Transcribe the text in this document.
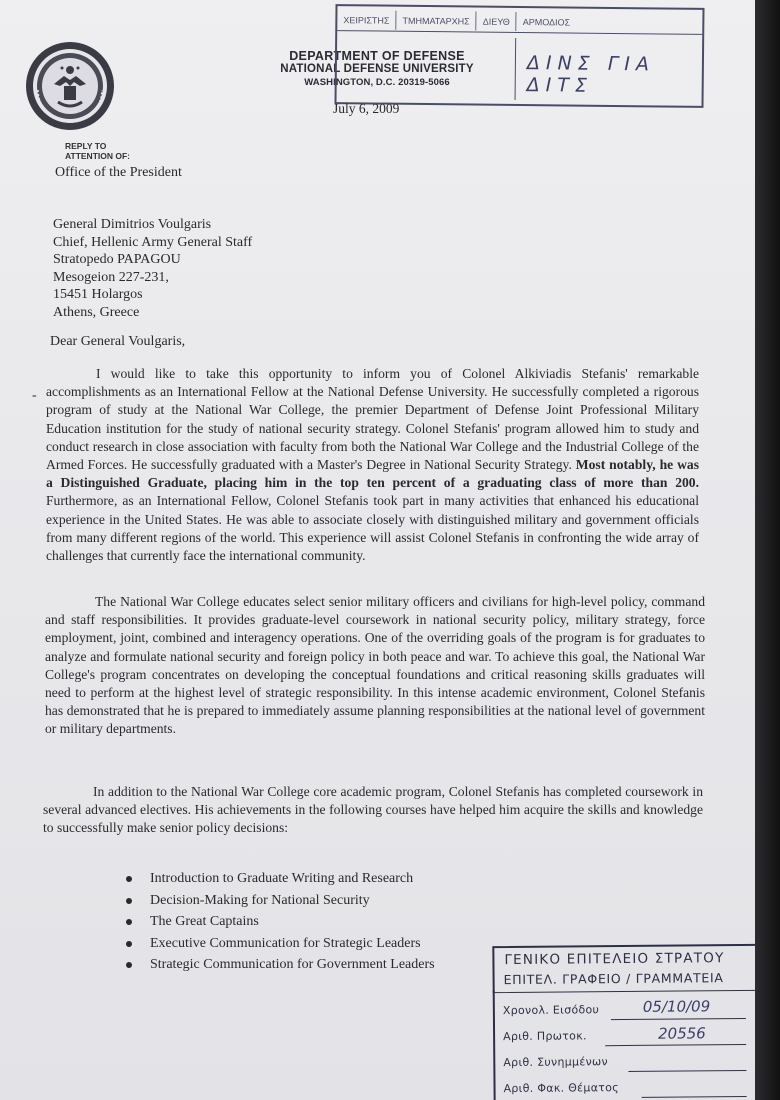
DEPARTMENT OF DEFENSE
NATIONAL DEFENSE UNIVERSITY
WASHINGTON, D.C. 20319-5066
ΧΕΙΡΙΣΤΗΣ ΤΜΗΜΑΤΑΡΧΗΣ ΔΙΕΥΘ ΑΡΜΟΔΙΟΣ
ΔΙΝΣ ΓΙΑ ΔΙΤΣ
July 6, 2009
REPLY TO
ATTENTION OF:
Office of the President
General Dimitrios Voulgaris
Chief, Hellenic Army General Staff
Stratopedo PAPAGOU
Mesogeion 227-231,
15451 Holargos
Athens, Greece
Dear General Voulgaris,
-
I would like to take this opportunity to inform you of Colonel Alkiviadis Stefanis' remarkable accomplishments as an International Fellow at the National Defense University. He successfully completed a rigorous program of study at the National War College, the premier Department of Defense Joint Professional Military Education institution for the study of national security strategy. Colonel Stefanis' program allowed him to study and conduct research in close association with faculty from both the National War College and the Industrial College of the Armed Forces. He successfully graduated with a Master's Degree in National Security Strategy. Most notably, he was a Distinguished Graduate, placing him in the top ten percent of a graduating class of more than 200. Furthermore, as an International Fellow, Colonel Stefanis took part in many activities that enhanced his educational experience in the United States. He was able to associate closely with distinguished military and government officials from many different regions of the world. This experience will assist Colonel Stefanis in confronting the wide array of challenges that currently face the international community.
The National War College educates select senior military officers and civilians for high-level policy, command and staff responsibilities. It provides graduate-level coursework in national security policy, military strategy, force employment, joint, combined and interagency operations. One of the overriding goals of the program is for graduates to analyze and formulate national security and foreign policy in both peace and war. To achieve this goal, the National War College's program concentrates on developing the conceptual foundations and critical reasoning skills graduates will need to perform at the highest level of strategic responsibility. In this intense academic environment, Colonel Stefanis has demonstrated that he is prepared to immediately assume planning responsibilities at the national level of government or military departments.
In addition to the National War College core academic program, Colonel Stefanis has completed coursework in several advanced electives. His achievements in the following courses have helped him acquire the skills and knowledge to successfully make senior policy decisions:
Introduction to Graduate Writing and Research
Decision-Making for National Security
The Great Captains
Executive Communication for Strategic Leaders
Strategic Communication for Government Leaders	ΓΕΝΙΚΟ ΕΠΙΤΕΛΕΙΟ ΣΤΡΑΤΟΥ
ΕΠΙΤΕΛ. ΓΡΑΦΕΙΟ / ΓΡΑΜΜΑΤΕΙΑ
Χρονολ. Εισόδου	05/10/09
Αριθ. Πρωτοκ.	20556
Αριθ. Συνημμένων
Αριθ. Φακ. Θέματος
